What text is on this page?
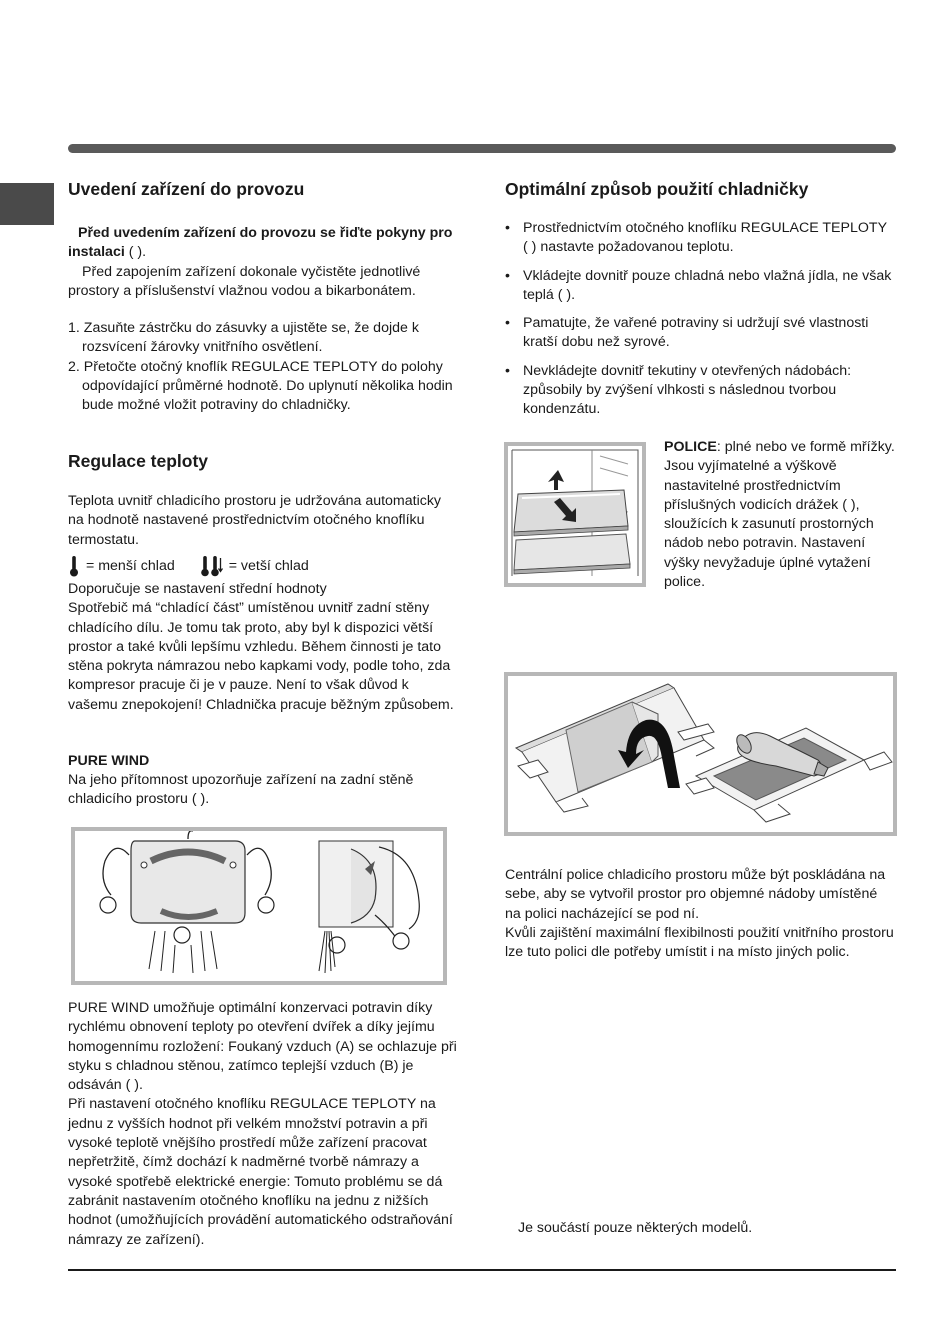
Uvedení zařízení do provozu

Před uvedením zařízení do provozu se řiďte pokyny pro instalaci ( ).

Před zapojením zařízení dokonale vyčistěte jednotlivé prostory a příslušenství vlažnou vodou a bikarbonátem.

1. Zasuňte zástrčku do zásuvky a ujistěte se, že dojde k rozsvícení žárovky vnitřního osvětlení.

2. Přetočte otočný knoflík REGULACE TEPLOTY do polohy odpovídající průměrné hodnotě. Do uplynutí několika hodin bude možné vložit potraviny do chladničky.

Regulace teploty

Teplota uvnitř chladicího prostoru je udržována automaticky na hodnotě nastavené prostřednictvím otočného knoflíku termostatu.

= menší chlad
	= vetší chlad

Doporučuje se nastavení střední hodnoty

Spotřebič má “chladící část” umístěnou uvnitř zadní stěny chladícího dílu. Je tomu tak proto, aby byl k dispozici větší prostor a také kvůli lepšímu vzhledu. Během činnosti je tato stěna pokryta námrazou nebo kapkami vody, podle toho, zda kompresor pracuje či je v pauze. Není to však důvod k vašemu znepokojení! Chladnička pracuje běžným způsobem.

PURE WIND

Na jeho přítomnost upozorňuje zařízení na zadní stěně chladicího prostoru ( ).

PURE WIND umožňuje optimální konzervaci potravin díky rychlému obnovení teploty po otevření dvířek a díky jejímu homogennímu rozložení: Foukaný vzduch (A) se ochlazuje při styku s chladnou stěnou, zatímco teplejší vzduch (B) je odsáván ( ).

Při nastavení otočného knoflíku REGULACE TEPLOTY na jednu z vyšších hodnot při velkém množství potravin a při vysoké teplotě vnějšího prostředí může zařízení pracovat nepřetržitě, čímž dochází k nadměrné tvorbě námrazy a vysoké spotřebě elektrické energie: Tomuto problému se dá zabránit nastavením otočného knoflíku na jednu z nižších hodnot (umožňujících provádění automatického odstraňování námrazy ze zařízení).

Optimální způsob použití chladničky
• Prostřednictvím otočného knoflíku REGULACE TEPLOTY ( ) nastavte požadovanou teplotu.
• Vkládejte dovnitř pouze chladná nebo vlažná jídla, ne však teplá ( ).
• Pamatujte, že vařené potraviny si udržují své vlastnosti kratší dobu než syrové.
• Nevkládejte dovnitř tekutiny v otevřených nádobách: způsobily by zvýšení vlhkosti s následnou tvorbou kondenzátu.

POLICE: plné nebo ve formě mřížky. Jsou vyjímatelné a výškově nastavitelné prostřednictvím příslušných vodicích drážek ( ), sloužících k zasunutí prostorných nádob nebo potravin. Nastavení výšky nevyžaduje úplné vytažení police.

Centrální police chladicího prostoru může být poskládána na sebe, aby se vytvořil prostor pro objemné nádoby umístěné na polici nacházející se pod ní.

Kvůli zajištění maximální flexibilnosti použití vnitřního prostoru lze tuto polici dle potřeby umístit i na místo jiných polic.

Je součástí pouze některých modelů.
